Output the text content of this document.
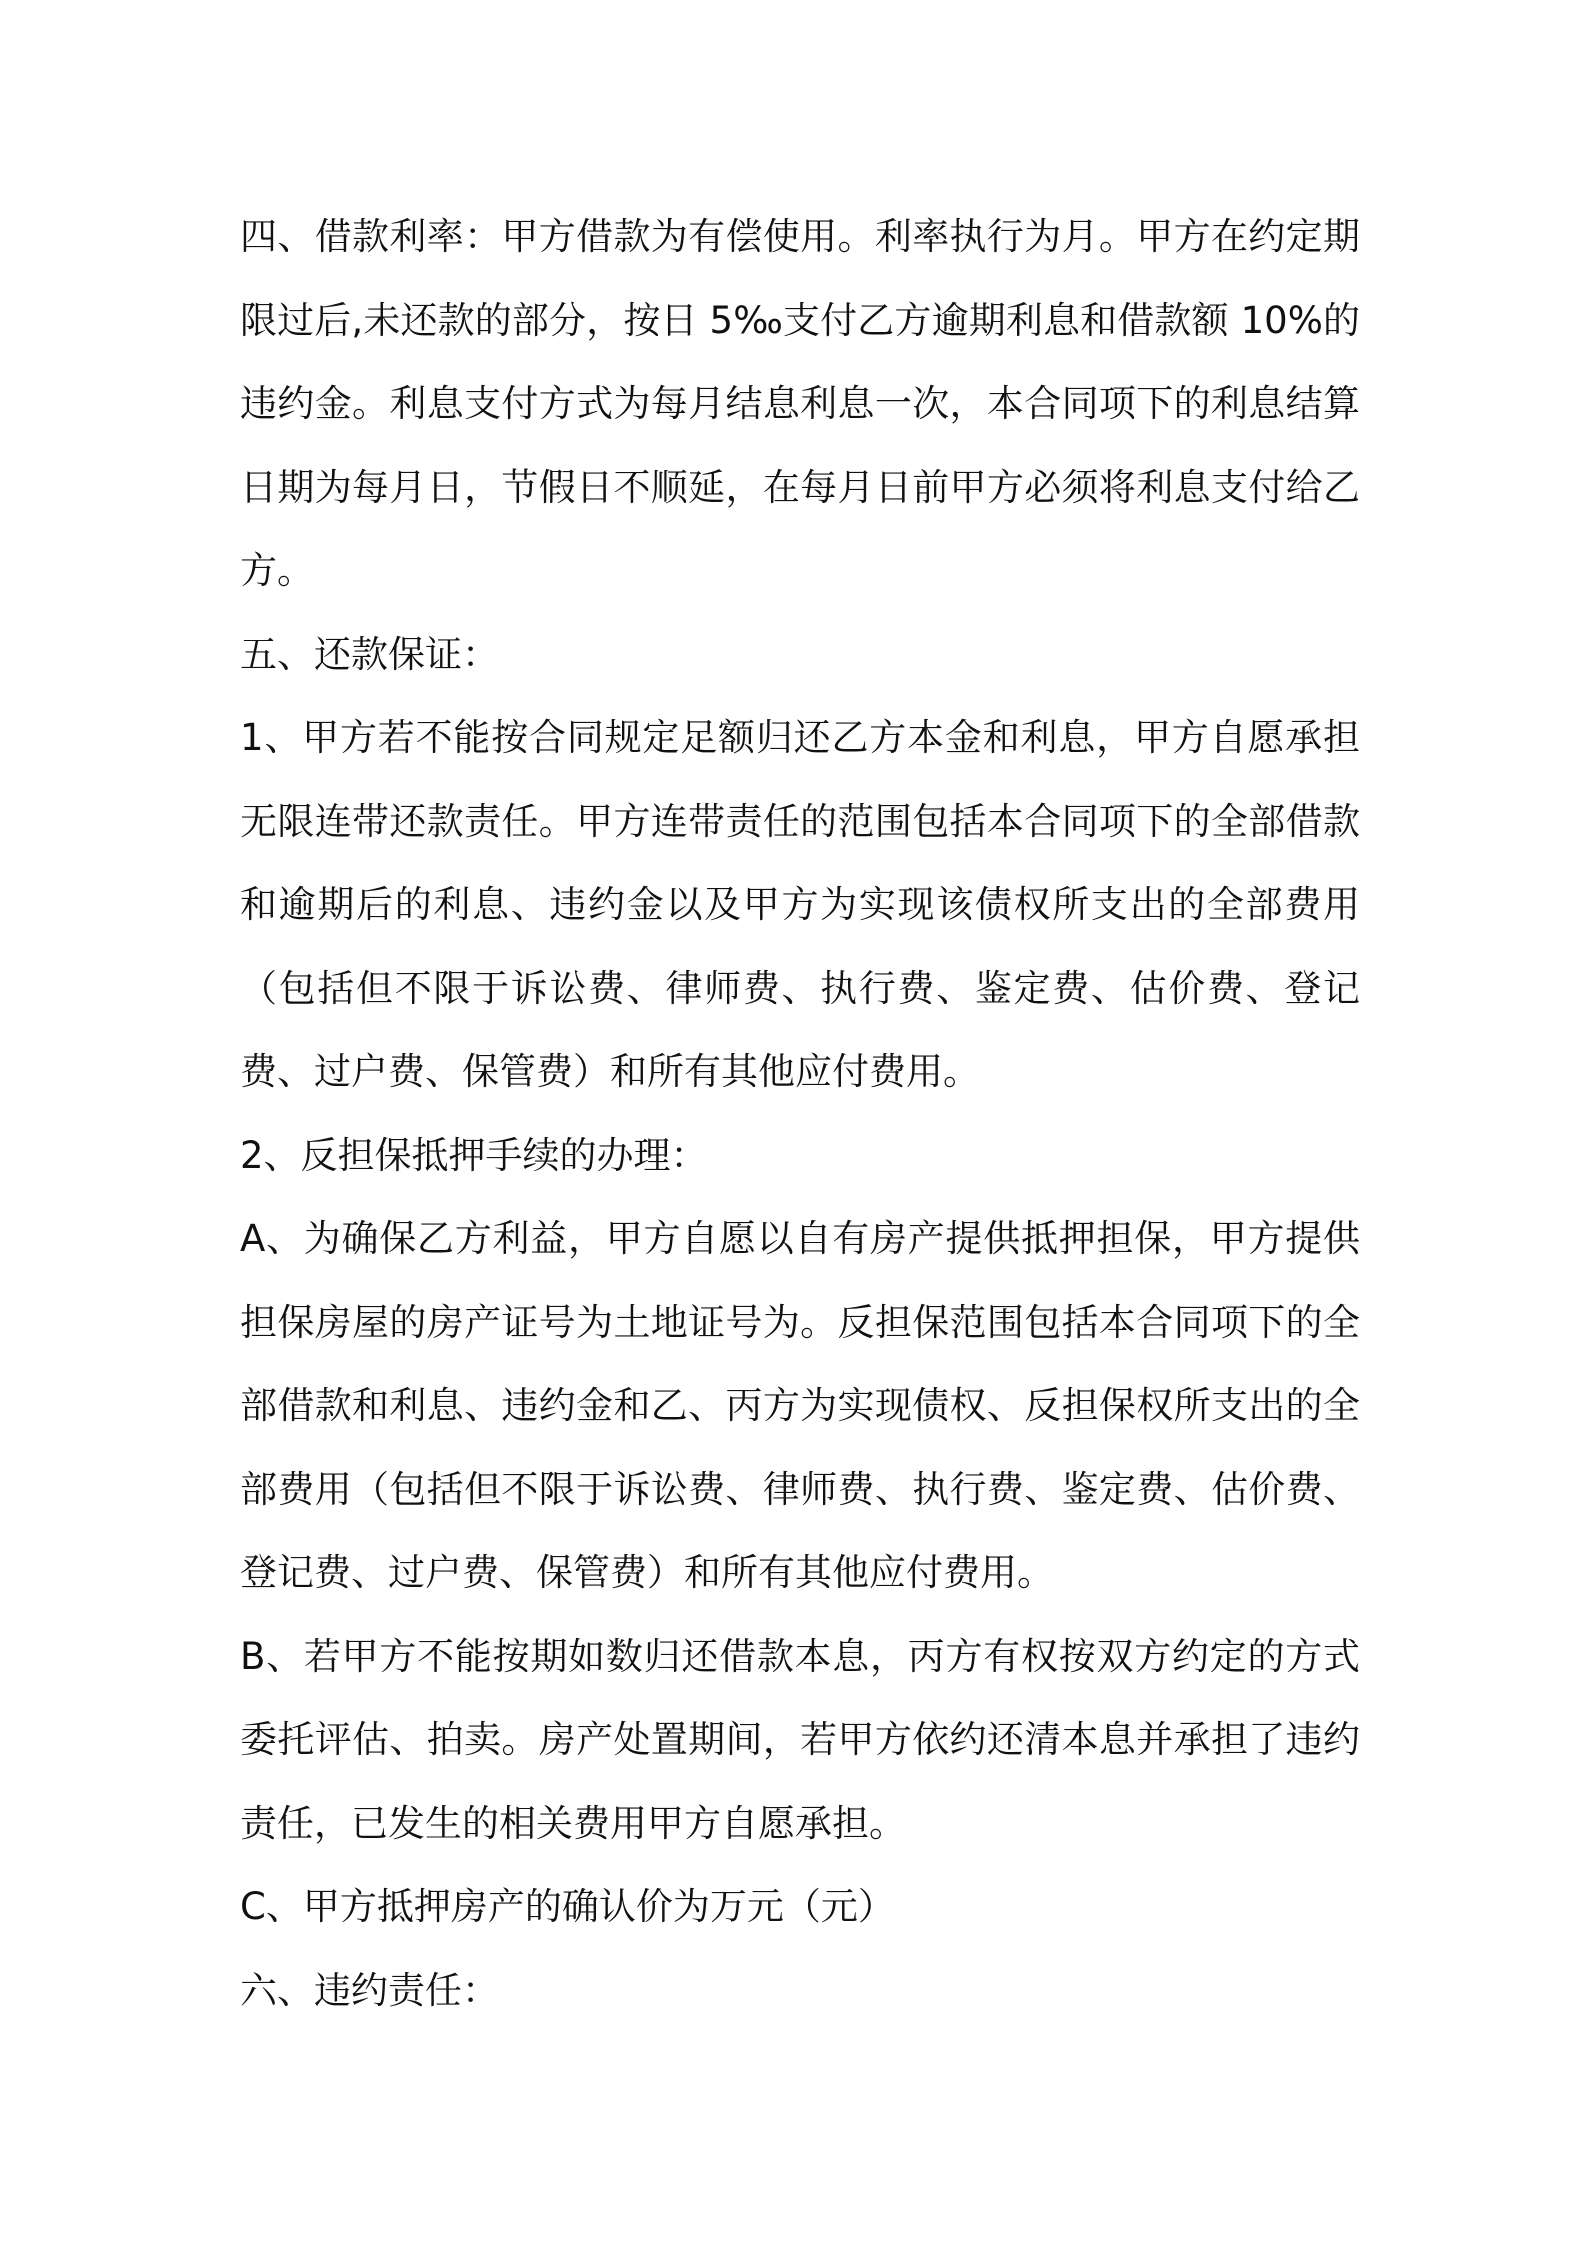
四、借款利率：甲方借款为有偿使用。利率执行为月。甲方在约定期限过后,未还款的部分，按日 5‰支付乙方逾期利息和借款额 10%的违约金。利息支付方式为每月结息利息一次，本合同项下的利息结算日期为每月日，节假日不顺延，在每月日前甲方必须将利息支付给乙方。

五、还款保证：

1、甲方若不能按合同规定足额归还乙方本金和利息，甲方自愿承担无限连带还款责任。甲方连带责任的范围包括本合同项下的全部借款和逾期后的利息、违约金以及甲方为实现该债权所支出的全部费用（包括但不限于诉讼费、律师费、执行费、鉴定费、估价费、登记费、过户费、保管费）和所有其他应付费用。

2、反担保抵押手续的办理：

A、为确保乙方利益，甲方自愿以自有房产提供抵押担保，甲方提供担保房屋的房产证号为土地证号为。反担保范围包括本合同项下的全部借款和利息、违约金和乙、丙方为实现债权、反担保权所支出的全部费用（包括但不限于诉讼费、律师费、执行费、鉴定费、估价费、登记费、过户费、保管费）和所有其他应付费用。

B、若甲方不能按期如数归还借款本息，丙方有权按双方约定的方式委托评估、拍卖。房产处置期间，若甲方依约还清本息并承担了违约责任，已发生的相关费用甲方自愿承担。

C、甲方抵押房产的确认价为万元（元）

六、违约责任：
